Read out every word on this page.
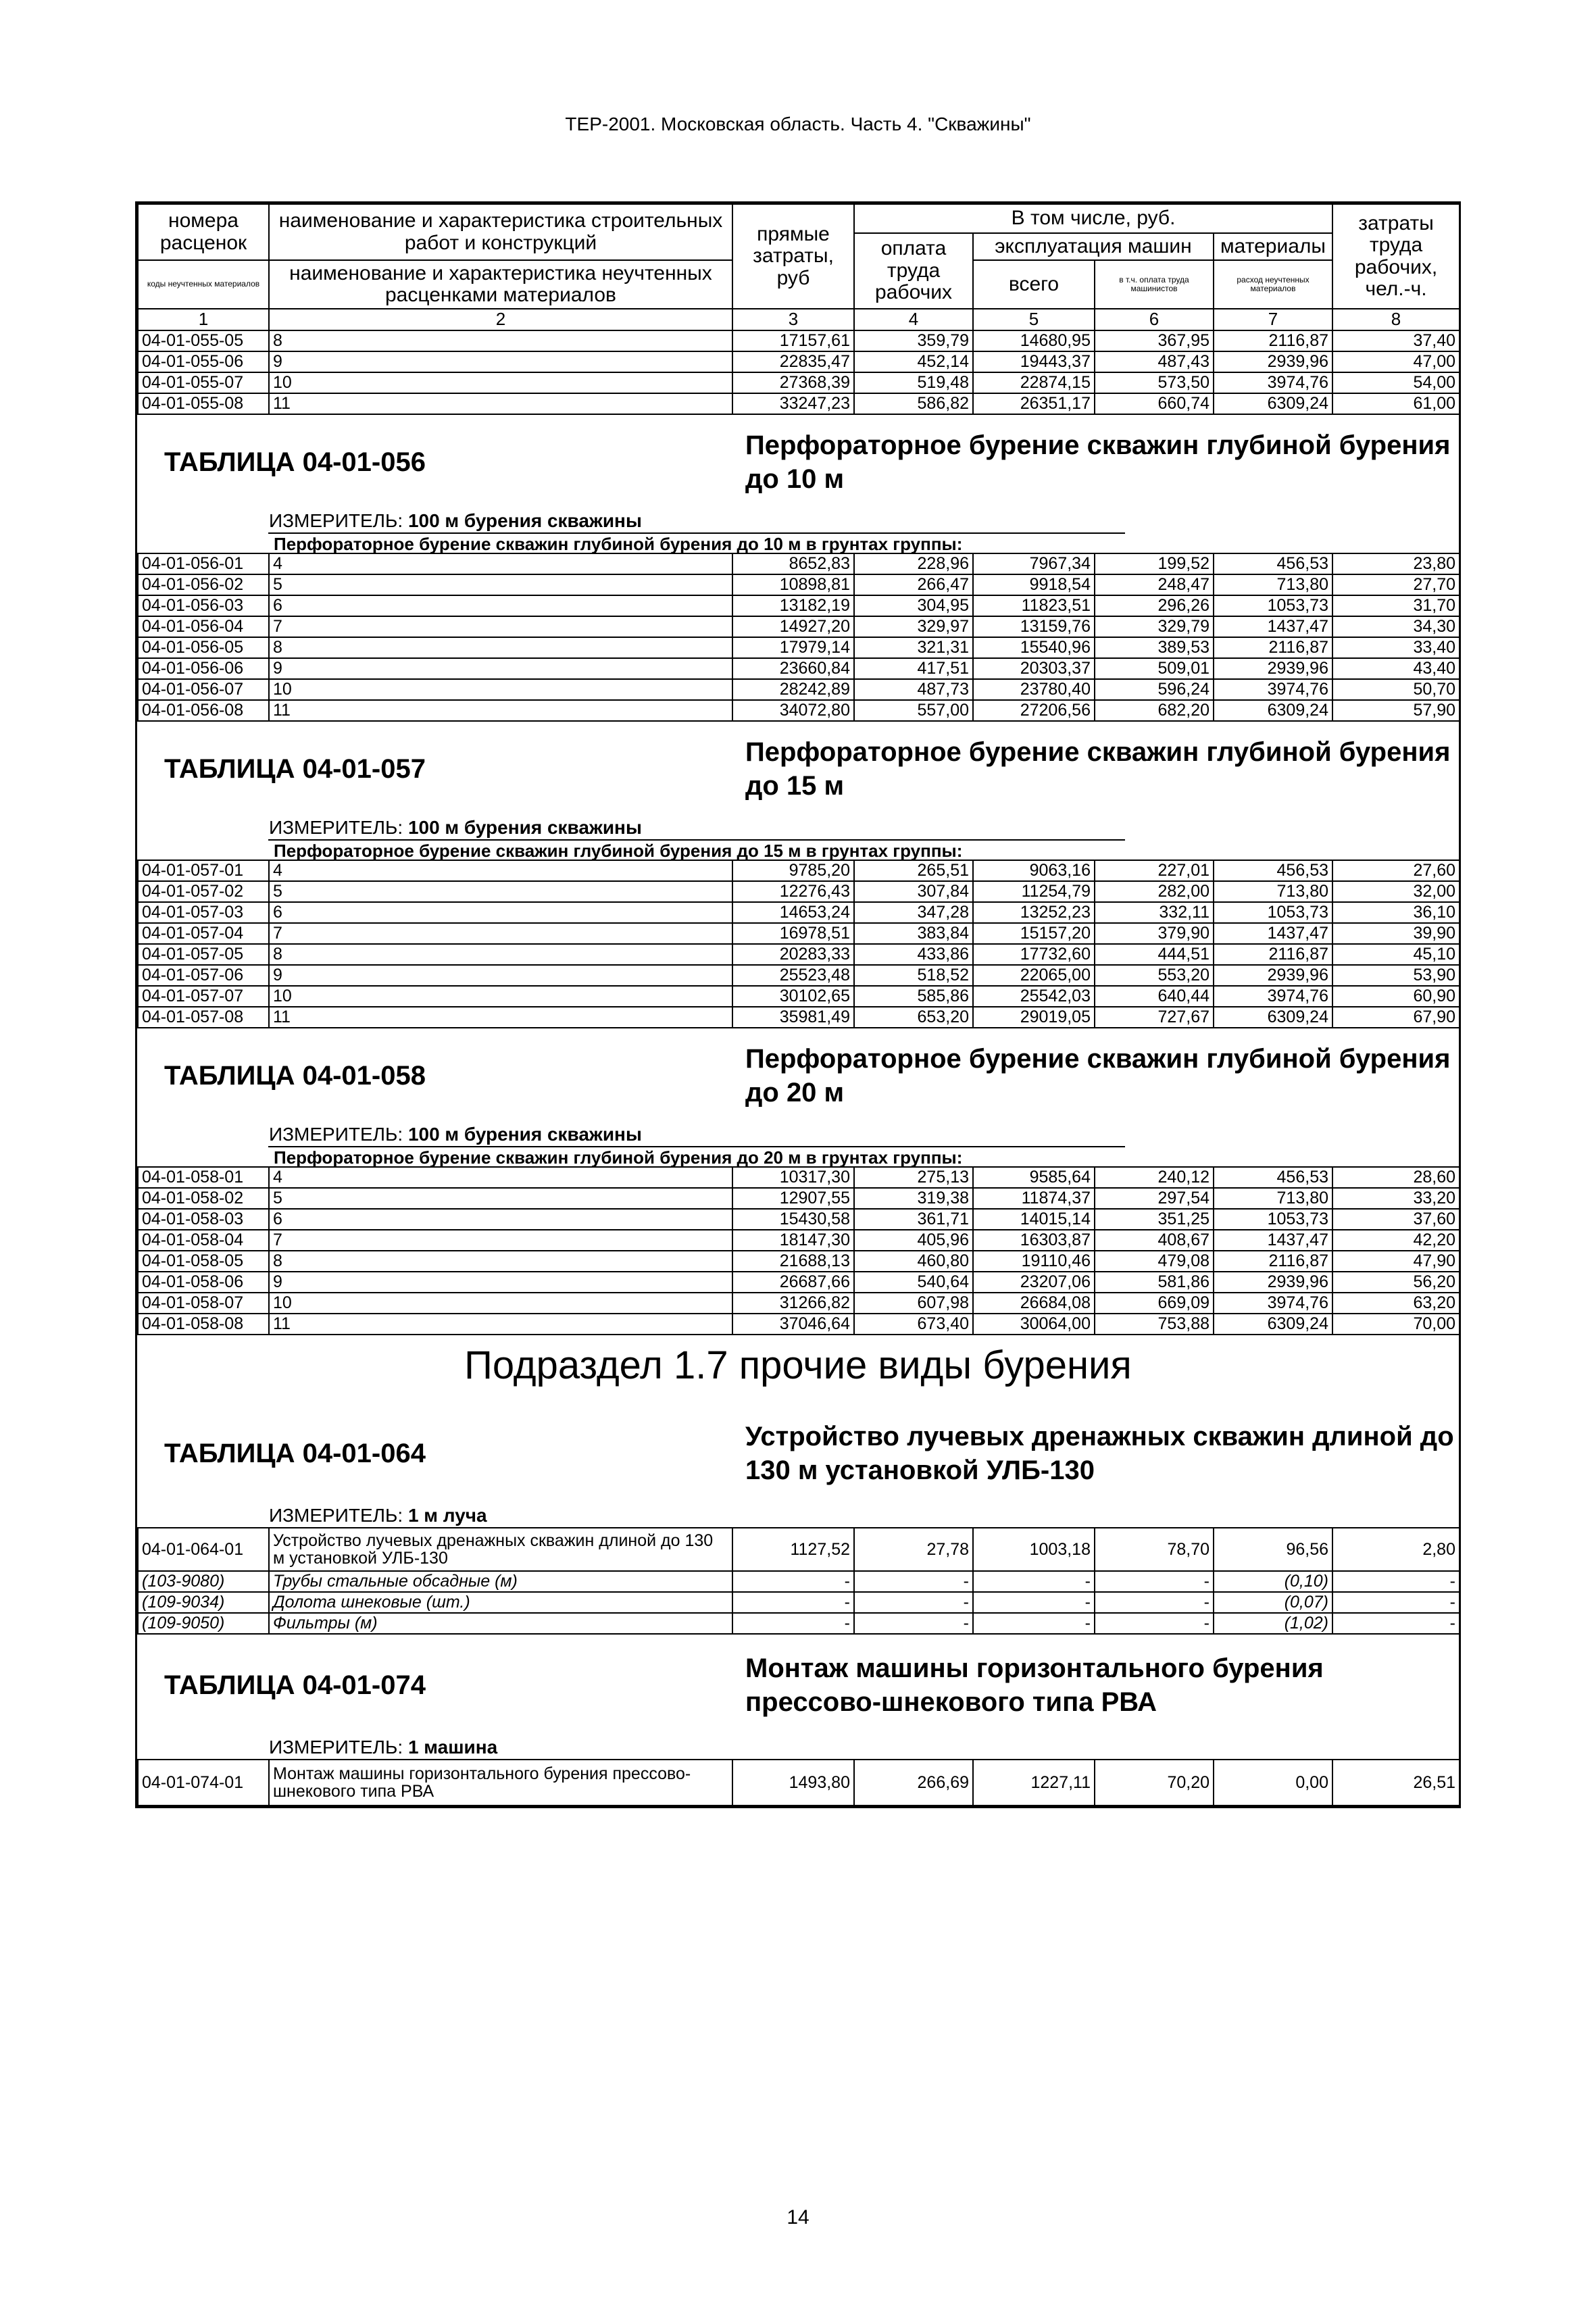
ТЕР-2001. Московская область. Часть 4. "Скважины"
номера расценок	наименование и характеристика строительных работ и конструкций	прямые затраты, руб	В том числе, руб.				затраты труда рабочих, чел.-ч.
			оплата труда рабочих	эксплуатация машин		материалы	
коды неучтенных материалов	наименование и характеристика неучтенных расценками материалов			всего	в т.ч. оплата труда машинистов	расход неучтенных материалов	

1	2	3	4	5	6	7	8
04-01-055-05	8	17157,61	359,79	14680,95	367,95	2116,87	37,40
04-01-055-06	9	22835,47	452,14	19443,37	487,43	2939,96	47,00
04-01-055-07	10	27368,39	519,48	22874,15	573,50	3974,76	54,00
04-01-055-08	11	33247,23	586,82	26351,17	660,74	6309,24	61,00
ТАБЛИЦА 04-01-056
Перфораторное бурение скважин глубиной бурения до 10 м
ИЗМЕРИТЕЛЬ: 100 м бурения скважины
Перфораторное бурение скважин глубиной бурения до 10 м в грунтах группы:
04-01-056-01	4	8652,83	228,96	7967,34	199,52	456,53	23,80
04-01-056-02	5	10898,81	266,47	9918,54	248,47	713,80	27,70
04-01-056-03	6	13182,19	304,95	11823,51	296,26	1053,73	31,70
04-01-056-04	7	14927,20	329,97	13159,76	329,79	1437,47	34,30
04-01-056-05	8	17979,14	321,31	15540,96	389,53	2116,87	33,40
04-01-056-06	9	23660,84	417,51	20303,37	509,01	2939,96	43,40
04-01-056-07	10	28242,89	487,73	23780,40	596,24	3974,76	50,70
04-01-056-08	11	34072,80	557,00	27206,56	682,20	6309,24	57,90
ТАБЛИЦА 04-01-057
Перфораторное бурение скважин глубиной бурения до 15 м
ИЗМЕРИТЕЛЬ: 100 м бурения скважины
Перфораторное бурение скважин глубиной бурения до 15 м в грунтах группы:
04-01-057-01	4	9785,20	265,51	9063,16	227,01	456,53	27,60
04-01-057-02	5	12276,43	307,84	11254,79	282,00	713,80	32,00
04-01-057-03	6	14653,24	347,28	13252,23	332,11	1053,73	36,10
04-01-057-04	7	16978,51	383,84	15157,20	379,90	1437,47	39,90
04-01-057-05	8	20283,33	433,86	17732,60	444,51	2116,87	45,10
04-01-057-06	9	25523,48	518,52	22065,00	553,20	2939,96	53,90
04-01-057-07	10	30102,65	585,86	25542,03	640,44	3974,76	60,90
04-01-057-08	11	35981,49	653,20	29019,05	727,67	6309,24	67,90
ТАБЛИЦА 04-01-058
Перфораторное бурение скважин глубиной бурения до 20 м
ИЗМЕРИТЕЛЬ: 100 м бурения скважины
Перфораторное бурение скважин глубиной бурения до 20 м в грунтах группы:
04-01-058-01	4	10317,30	275,13	9585,64	240,12	456,53	28,60
04-01-058-02	5	12907,55	319,38	11874,37	297,54	713,80	33,20
04-01-058-03	6	15430,58	361,71	14015,14	351,25	1053,73	37,60
04-01-058-04	7	18147,30	405,96	16303,87	408,67	1437,47	42,20
04-01-058-05	8	21688,13	460,80	19110,46	479,08	2116,87	47,90
04-01-058-06	9	26687,66	540,64	23207,06	581,86	2939,96	56,20
04-01-058-07	10	31266,82	607,98	26684,08	669,09	3974,76	63,20
04-01-058-08	11	37046,64	673,40	30064,00	753,88	6309,24	70,00
Подраздел 1.7 прочие виды бурения
ТАБЛИЦА 04-01-064
Устройство лучевых дренажных скважин длиной до 130 м установкой УЛБ-130
ИЗМЕРИТЕЛЬ: 1 м луча
04-01-064-01	Устройство лучевых дренажных скважин длиной до 130 м установкой УЛБ-130	1127,52	27,78	1003,18	78,70	96,56	2,80
(103-9080)	Трубы стальные обсадные (м)	-	-	-	-	(0,10)	-
(109-9034)	Долота шнековые (шт.)	-	-	-	-	(0,07)	-
(109-9050)	Фильтры (м)	-	-	-	-	(1,02)	-
ТАБЛИЦА 04-01-074
Монтаж машины горизонтального бурения прессово-шнекового типа РВА
ИЗМЕРИТЕЛЬ: 1 машина
04-01-074-01	Монтаж машины горизонтального бурения прессово-шнекового типа РВА	1493,80	266,69	1227,11	70,20	0,00	26,51
14
